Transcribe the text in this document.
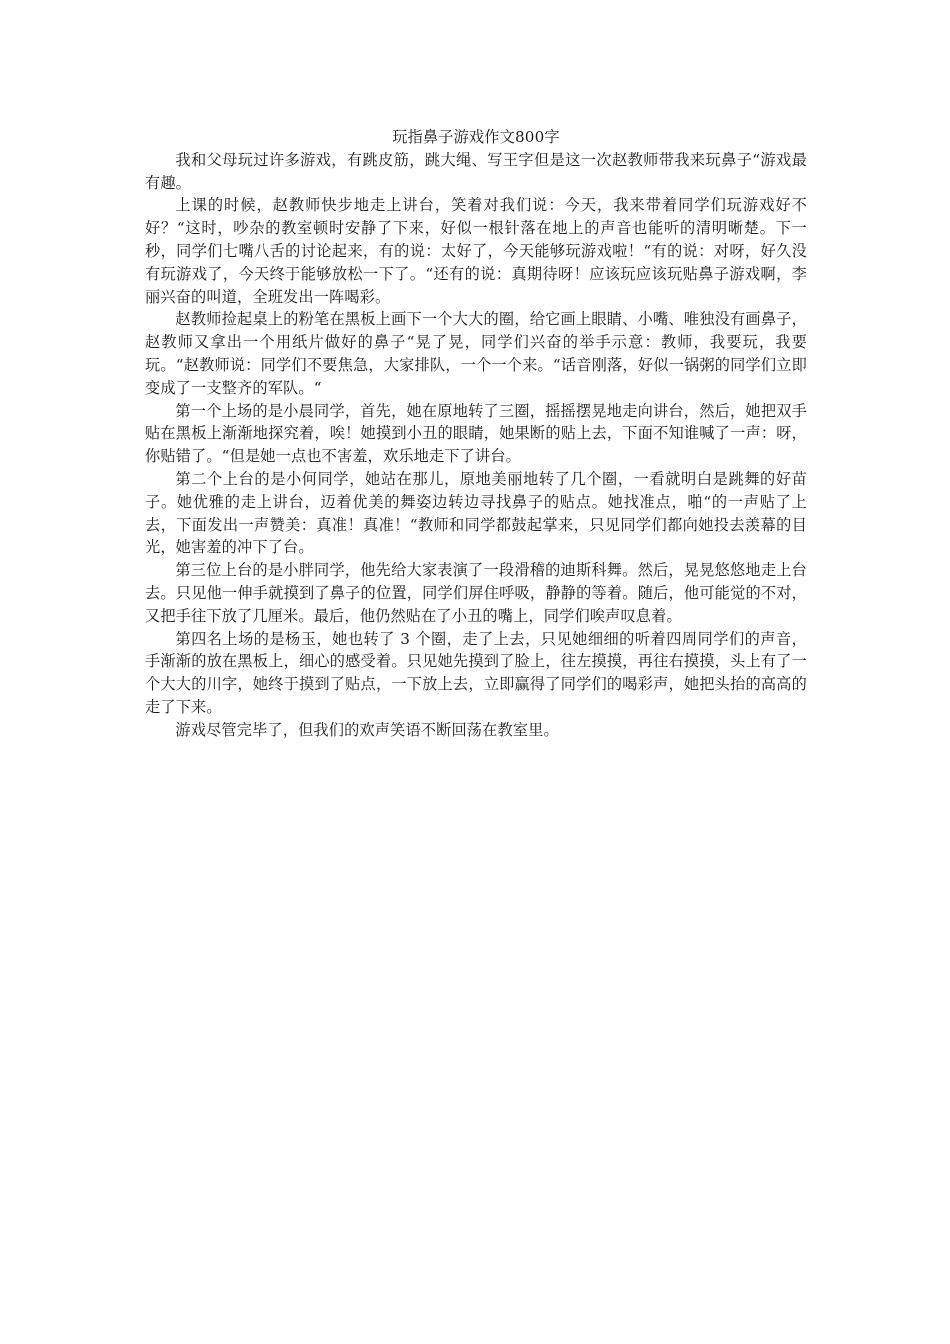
玩指鼻子游戏作文800字

我和父母玩过许多游戏，有跳皮筋，跳大绳、写王字但是这一次赵教师带我来玩鼻子“游戏最有趣。

上课的时候，赵教师快步地走上讲台，笑着对我们说：今天，我来带着同学们玩游戏好不好？“这时，吵杂的教室顿时安静了下来，好似一根针落在地上的声音也能听的清明晰楚。下一秒，同学们七嘴八舌的讨论起来，有的说：太好了，今天能够玩游戏啦！“有的说：对呀，好久没有玩游戏了，今天终于能够放松一下了。“还有的说：真期待呀！应该玩应该玩贴鼻子游戏啊，李丽兴奋的叫道，全班发出一阵喝彩。

赵教师捡起桌上的粉笔在黑板上画下一个大大的圈，给它画上眼睛、小嘴、唯独没有画鼻子，赵教师又拿出一个用纸片做好的鼻子“晃了晃，同学们兴奋的举手示意：教师，我要玩，我要玩。“赵教师说：同学们不要焦急，大家排队，一个一个来。“话音刚落，好似一锅粥的同学们立即变成了一支整齐的军队。“

第一个上场的是小晨同学，首先，她在原地转了三圈，摇摇摆晃地走向讲台，然后，她把双手贴在黑板上渐渐地探究着，唉！她摸到小丑的眼睛，她果断的贴上去，下面不知谁喊了一声：呀，你贴错了。“但是她一点也不害羞，欢乐地走下了讲台。

第二个上台的是小何同学，她站在那儿，原地美丽地转了几个圈，一看就明白是跳舞的好苗子。她优雅的走上讲台，迈着优美的舞姿边转边寻找鼻子的贴点。她找准点，啪“的一声贴了上去，下面发出一声赞美：真准！真准！“教师和同学都鼓起掌来，只见同学们都向她投去羡幕的目光，她害羞的冲下了台。

第三位上台的是小胖同学，他先给大家表演了一段滑稽的迪斯科舞。然后，晃晃悠悠地走上台去。只见他一伸手就摸到了鼻子的位置，同学们屏住呼吸，静静的等着。随后，他可能觉的不对，又把手往下放了几厘米。最后，他仍然贴在了小丑的嘴上，同学们唉声叹息着。

第四名上场的是杨玉，她也转了 3 个圈，走了上去，只见她细细的听着四周同学们的声音，手渐渐的放在黑板上，细心的感受着。只见她先摸到了脸上，往左摸摸，再往右摸摸，头上有了一个大大的川字，她终于摸到了贴点，一下放上去，立即赢得了同学们的喝彩声，她把头抬的高高的走了下来。

游戏尽管完毕了，但我们的欢声笑语不断回荡在教室里。
